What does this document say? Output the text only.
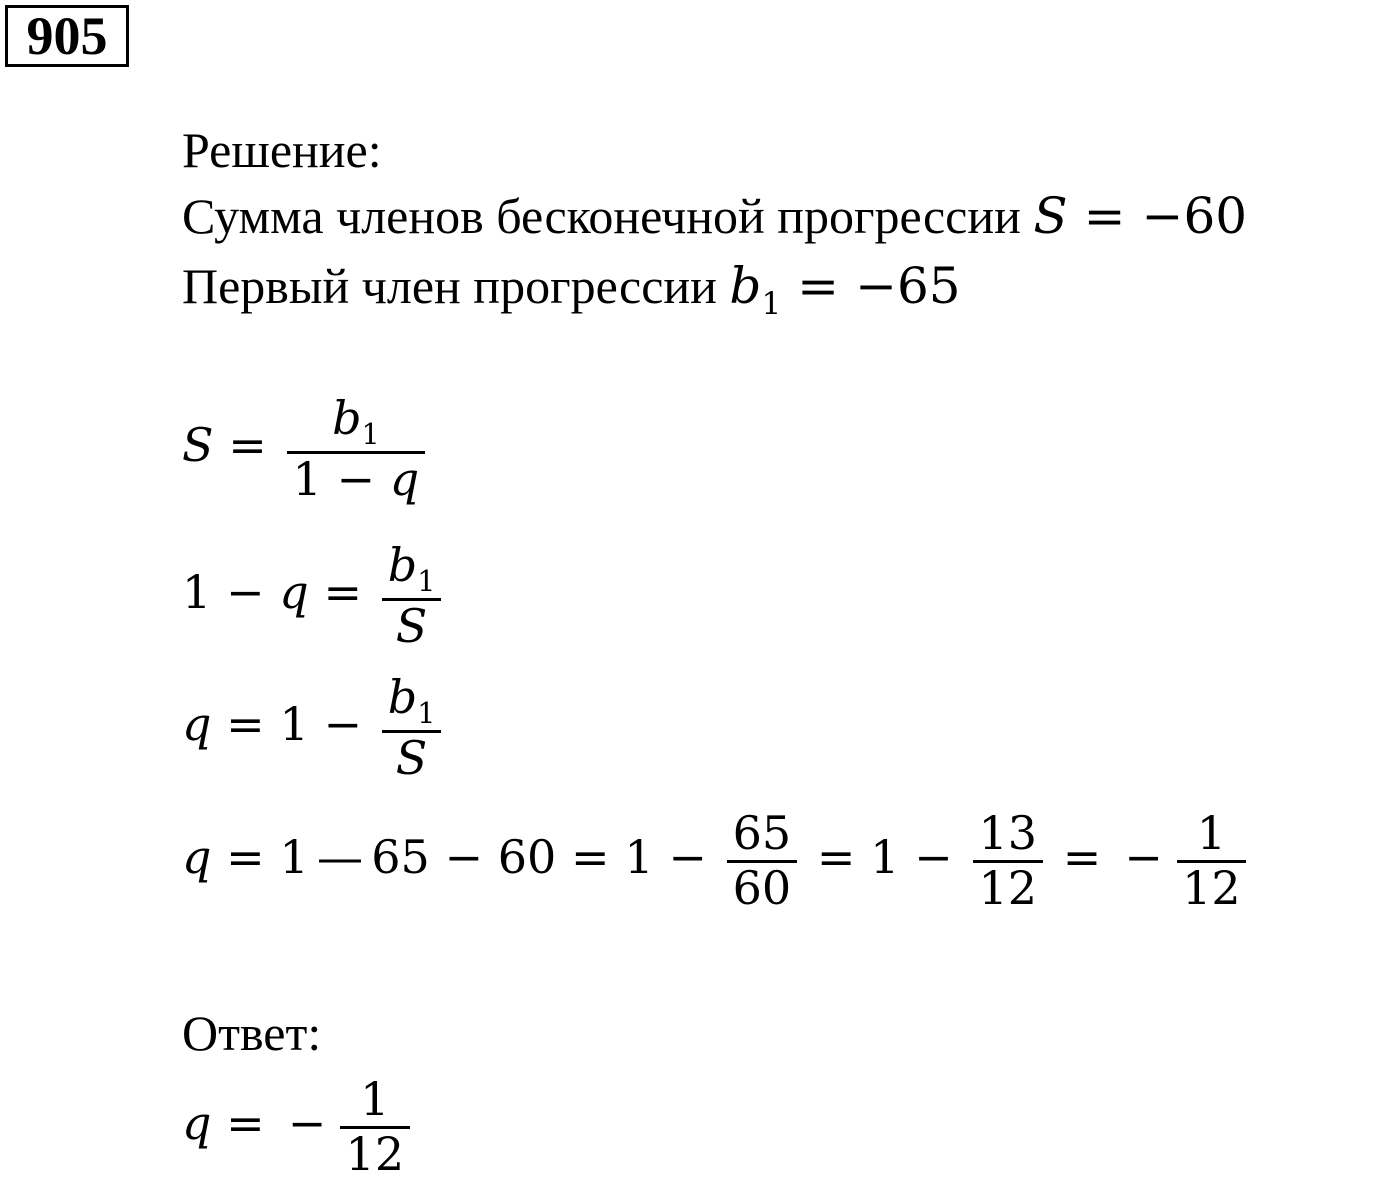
905
Решение:
Сумма членов бесконечной прогрессии S = −60
Первый член прогрессии $b_1 = -65$
$S = \frac{b_1}{1 - q}$
$1 - q = \frac{b_1}{S}$
$q = 1 - \frac{b_1}{S}$
q = 1 — $65 - 60 = 1 - \frac{65}{60} = 1 - \frac{13}{12}$ = − $\frac{1}{12}$
Ответ:
q = − $\frac{1}{12}$
